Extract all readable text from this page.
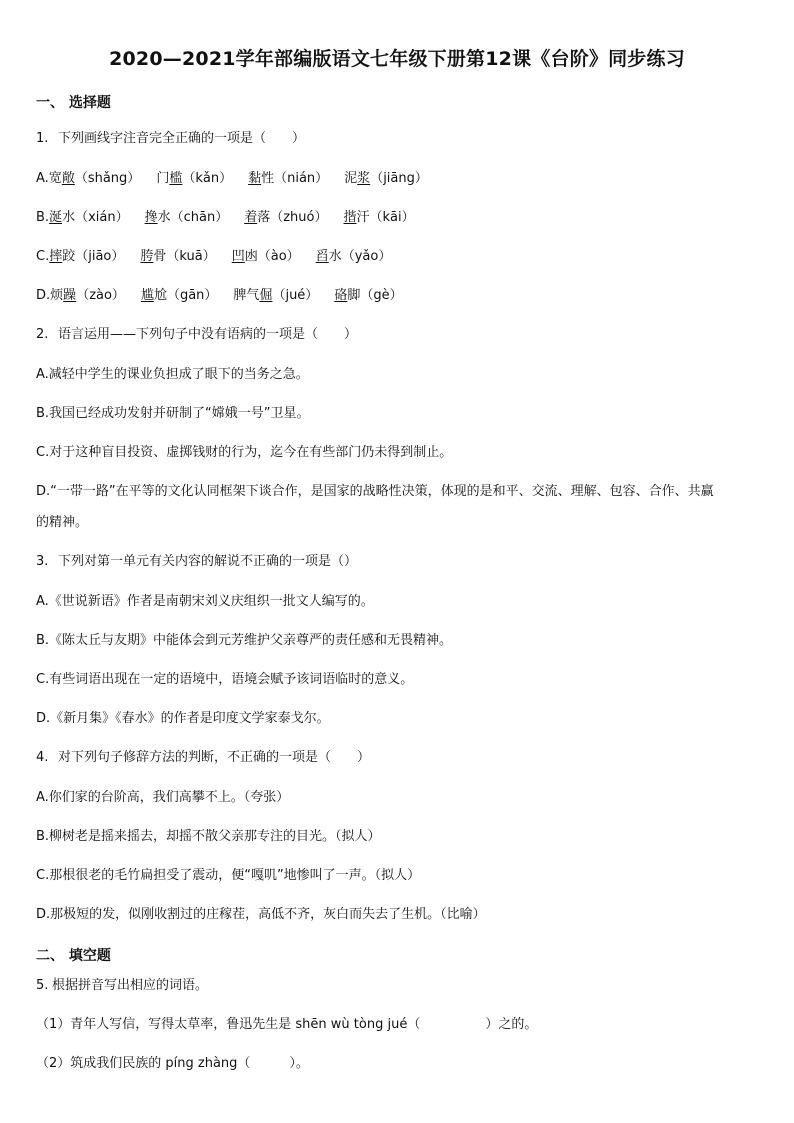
2020—2021学年部编版语文七年级下册第12课《台阶》同步练习
一、 选择题
1. 下列画线字注音完全正确的一项是（　　）
A.宽敞（shǎng） 门槛（kǎn） 黏性（nián） 泥浆（jiāng）
B.涎水（xián） 搀水（chān） 着落（zhuó） 揩汗（kāi）
C.摔跤（jiāo） 胯骨（kuā） 凹凼（ào） 舀水（yǎo）
D.烦躁（zào） 尴尬（gān） 脾气倔（jué） 硌脚（gè）
2. 语言运用——下列句子中没有语病的一项是（　　）
A.减轻中学生的课业负担成了眼下的当务之急。
B.我国已经成功发射并研制了“嫦娥一号”卫星。
C.对于这种盲目投资、虚掷钱财的行为，迄今在有些部门仍未得到制止。
D.“一带一路”在平等的文化认同框架下谈合作，是国家的战略性决策，体现的是和平、交流、理解、包容、合作、共赢
的精神。
3. 下列对第一单元有关内容的解说不正确的一项是（）
A.《世说新语》作者是南朝宋刘义庆组织一批文人编写的。
B.《陈太丘与友期》中能体会到元芳维护父亲尊严的责任感和无畏精神。
C.有些词语出现在一定的语境中，语境会赋予该词语临时的意义。
D.《新月集》《春水》的作者是印度文学家泰戈尔。
4. 对下列句子修辞方法的判断，不正确的一项是（　　）
A.你们家的台阶高，我们高攀不上。（夸张）
B.柳树老是摇来摇去，却摇不散父亲那专注的目光。（拟人）
C.那根很老的毛竹扁担受了震动，便“嘎叽”地惨叫了一声。（拟人）
D.那极短的发，似刚收割过的庄稼茬，高低不齐，灰白而失去了生机。（比喻）
二、 填空题
5. 根据拼音写出相应的词语。
（1）青年人写信，写得太草率，鲁迅先生是 shēn wù tòng jué（　　　　　）之的。
（2）筑成我们民族的 píng zhàng（　　　）。
